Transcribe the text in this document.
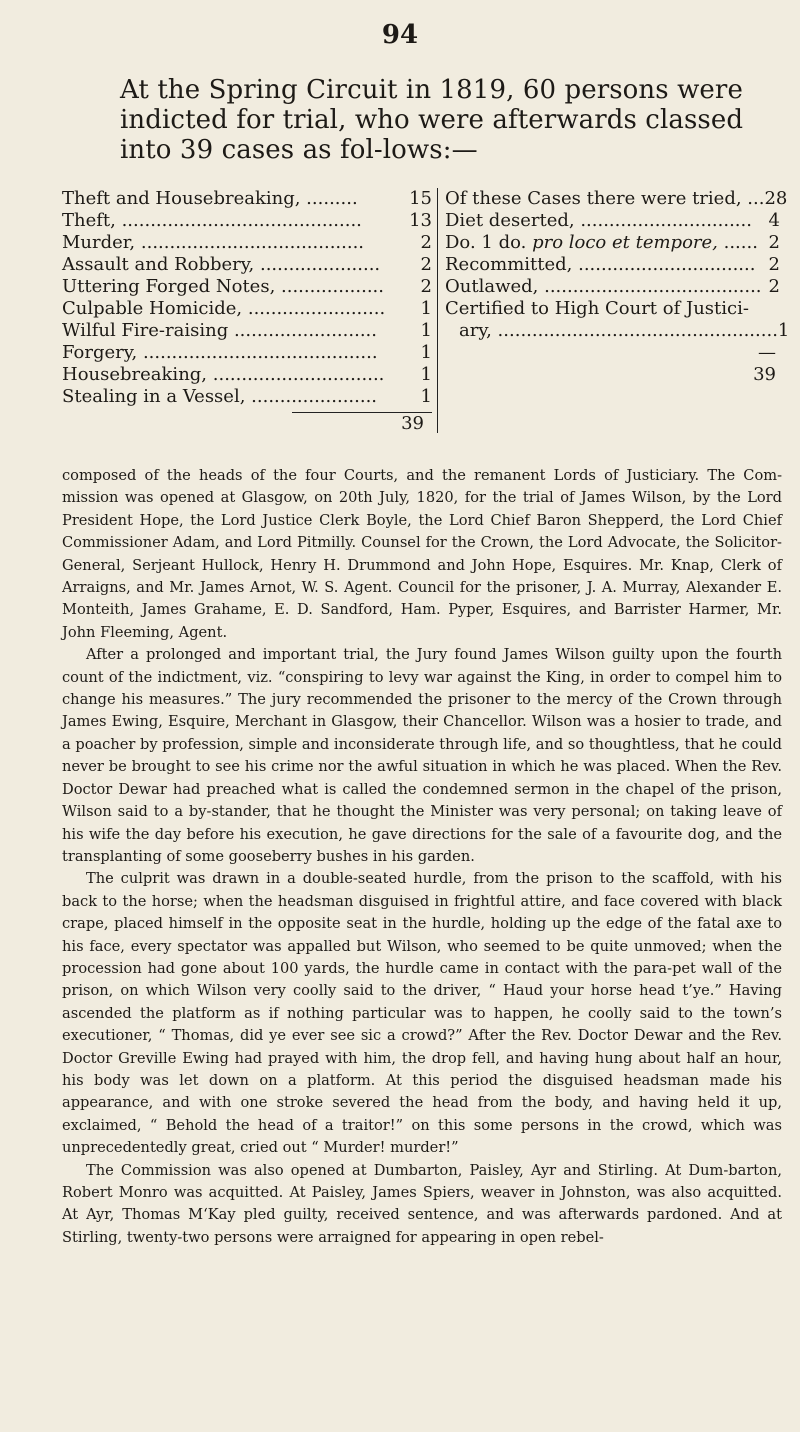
94
At the Spring Circuit in 1819, 60 persons were indicted for trial, who were afterwards classed into 39 cases as fol-lows:—
Theft and Housebreaking, .........	15
Theft, ..........................................	13
Murder, .......................................	2
Assault and Robbery, ..................... 2
Uttering Forged Notes, .................. 2
Culpable Homicide, ........................ 1
Wilful Fire-raising ......................... 1
Forgery, ......................................... 1
Housebreaking, .............................. 1
Stealing in a Vessel, ...................... 1
39
Of these Cases there were tried, ... 28
Diet deserted, .............................. 4
Do. 1 do. pro loco et tempore, ...... 2
Recommitted, ............................... 2
Outlawed, ...................................... 2
Certified to High Court of Justici-
ary, ................................................. 1
—
39

composed of the heads of the four Courts, and the remanent Lords of Justiciary. The Com-mission was opened at Glasgow, on 20th July, 1820, for the trial of James Wilson, by the Lord President Hope, the Lord Justice Clerk Boyle, the Lord Chief Baron Shepperd, the Lord Chief Commissioner Adam, and Lord Pitmilly. Counsel for the Crown, the Lord Advocate, the Solicitor-General, Serjeant Hullock, Henry H. Drummond and John Hope, Esquires. Mr. Knap, Clerk of Arraigns, and Mr. James Arnot, W. S. Agent. Council for the prisoner, J. A. Murray, Alexander E. Monteith, James Grahame, E. D. Sandford, Ham. Pyper, Esquires, and Barrister Harmer, Mr. John Fleeming, Agent.

After a prolonged and important trial, the Jury found James Wilson guilty upon the fourth count of the indictment, viz. “conspiring to levy war against the King, in order to compel him to change his measures.” The jury recommended the prisoner to the mercy of the Crown through James Ewing, Esquire, Merchant in Glasgow, their Chancellor. Wilson was a hosier to trade, and a poacher by profession, simple and inconsiderate through life, and so thoughtless, that he could never be brought to see his crime nor the awful situation in which he was placed. When the Rev. Doctor Dewar had preached what is called the condemned sermon in the chapel of the prison, Wilson said to a by-stander, that he thought the Minister was very personal; on taking leave of his wife the day before his execution, he gave directions for the sale of a favourite dog, and the transplanting of some gooseberry bushes in his garden.

The culprit was drawn in a double-seated hurdle, from the prison to the scaffold, with his back to the horse; when the headsman disguised in frightful attire, and face covered with black crape, placed himself in the opposite seat in the hurdle, holding up the edge of the fatal axe to his face, every spectator was appalled but Wilson, who seemed to be quite unmoved; when the procession had gone about 100 yards, the hurdle came in contact with the para-pet wall of the prison, on which Wilson very coolly said to the driver, “ Haud your horse head t’ye.” Having ascended the platform as if nothing particular was to happen, he coolly said to the town’s executioner, “ Thomas, did ye ever see sic a crowd?” After the Rev. Doctor Dewar and the Rev. Doctor Greville Ewing had prayed with him, the drop fell, and having hung about half an hour, his body was let down on a platform. At this period the disguised headsman made his appearance, and with one stroke severed the head from the body, and having held it up, exclaimed, “ Behold the head of a traitor!” on this some persons in the crowd, which was unprecedentedly great, cried out “ Murder! murder!”

The Commission was also opened at Dumbarton, Paisley, Ayr and Stirling. At Dum-barton, Robert Monro was acquitted. At Paisley, James Spiers, weaver in Johnston, was also acquitted. At Ayr, Thomas M‘Kay pled guilty, received sentence, and was afterwards pardoned. And at Stirling, twenty-two persons were arraigned for appearing in open rebel-
